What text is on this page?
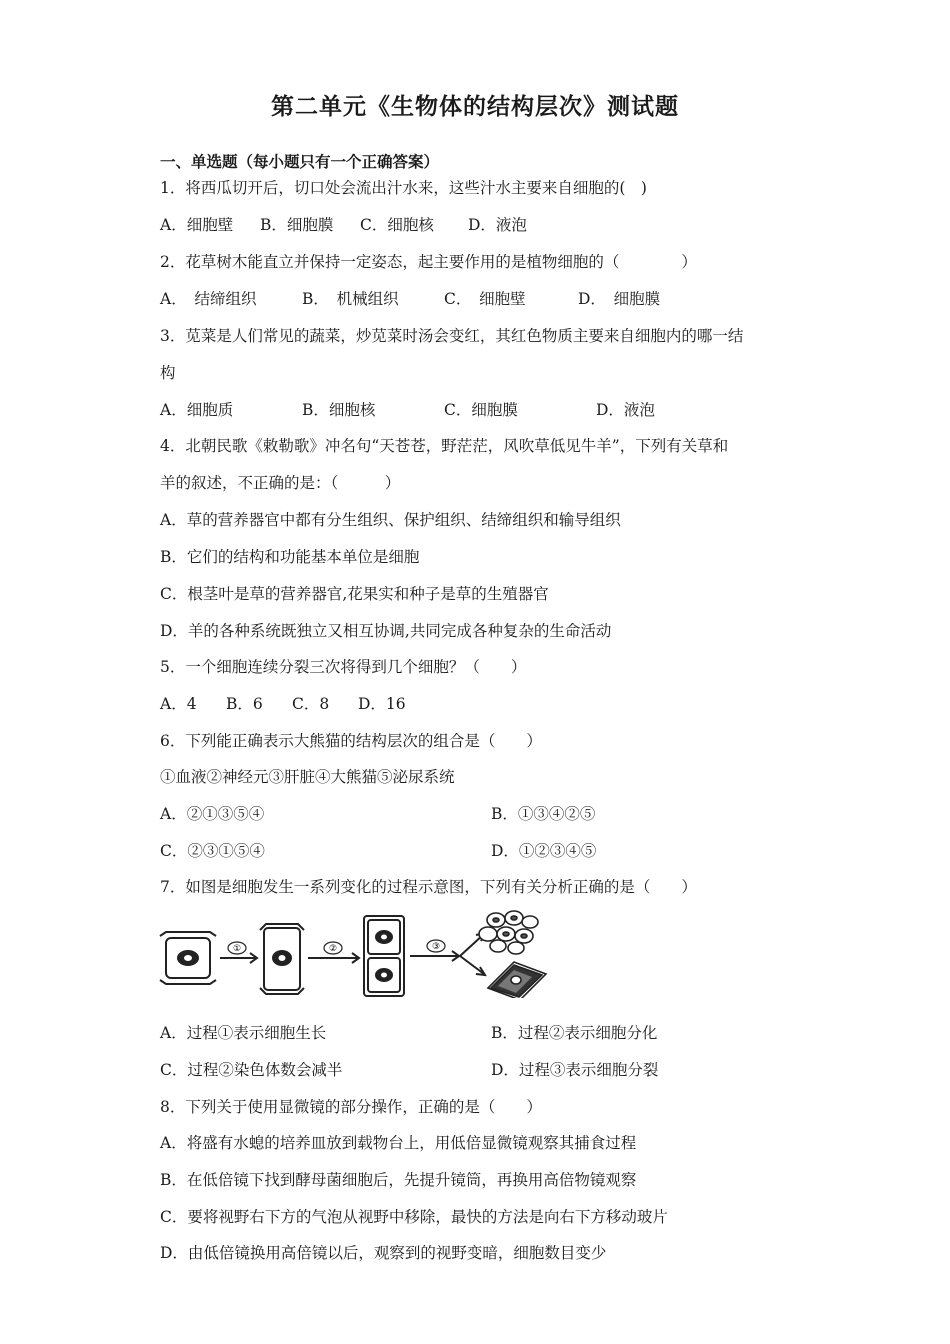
第二单元《生物体的结构层次》测试题
一、单选题（每小题只有一个正确答案）
1．将西瓜切开后，切口处会流出汁水来，这些汁水主要来自细胞的(　)
A．细胞壁 B．细胞膜 C．细胞核 D．液泡
2．花草树木能直立并保持一定姿态，起主要作用的是植物细胞的（　　　　）
A．　结缔组织	B．　机械组织	C．　细胞壁	D．　细胞膜
3．苋菜是人们常见的蔬菜，炒苋菜时汤会变红，其红色物质主要来自细胞内的哪一结
构
A．细胞质	B．细胞核	C．细胞膜	D．液泡
4．北朝民歌《敕勒歌》冲名句“天苍苍，野茫茫，风吹草低见牛羊”，下列有关草和
羊的叙述，不正确的是：（　　　）
A．草的营养器官中都有分生组织、保护组织、结缔组织和输导组织
B．它们的结构和功能基本单位是细胞
C．根茎叶是草的营养器官,花果实和种子是草的生殖器官
D．羊的各种系统既独立又相互协调,共同完成各种复杂的生命活动
5．一个细胞连续分裂三次将得到几个细胞？（　　）
A．4 B．6 C．8 D．16
6．下列能正确表示大熊猫的结构层次的组合是（　　）
①血液②神经元③肝脏④大熊猫⑤泌尿系统
A．②①③⑤④	B．①③④②⑤
C．②③①⑤④	D．①②③④⑤
7．如图是细胞发生一系列变化的过程示意图，下列有关分析正确的是（　　）
①	②	③
A．过程①表示细胞生长	B．过程②表示细胞分化
C．过程②染色体数会减半	D．过程③表示细胞分裂
8．下列关于使用显微镜的部分操作，正确的是（　　）
A．将盛有水螅的培养皿放到载物台上，用低倍显微镜观察其捕食过程
B．在低倍镜下找到酵母菌细胞后，先提升镜筒，再换用高倍物镜观察
C．要将视野右下方的气泡从视野中移除，最快的方法是向右下方移动玻片
D．由低倍镜换用高倍镜以后，观察到的视野变暗，细胞数目变少
